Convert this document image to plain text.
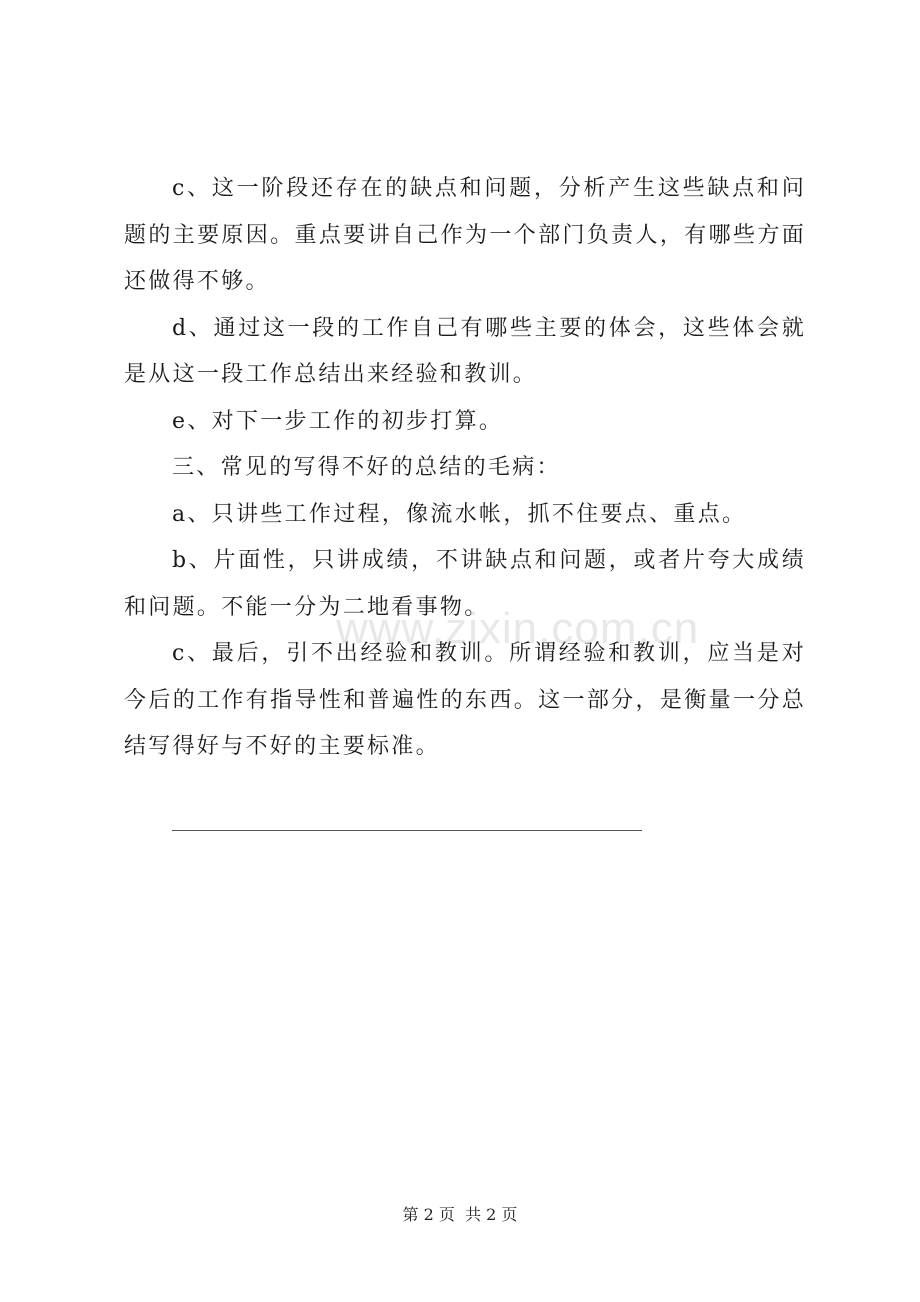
c、这一阶段还存在的缺点和问题，分析产生这些缺点和问题的主要原因。重点要讲自己作为一个部门负责人，有哪些方面还做得不够。

d、通过这一段的工作自己有哪些主要的体会，这些体会就是从这一段工作总结出来经验和教训。

e、对下一步工作的初步打算。

三、常见的写得不好的总结的毛病：

a、只讲些工作过程，像流水帐，抓不住要点、重点。

b、片面性，只讲成绩，不讲缺点和问题，或者片夸大成绩和问题。不能一分为二地看事物。

c、最后，引不出经验和教训。所谓经验和教训，应当是对今后的工作有指导性和普遍性的东西。这一部分，是衡量一分总结写得好与不好的主要标准。

www.zixin.com.cn
第 2 页  共 2 页
